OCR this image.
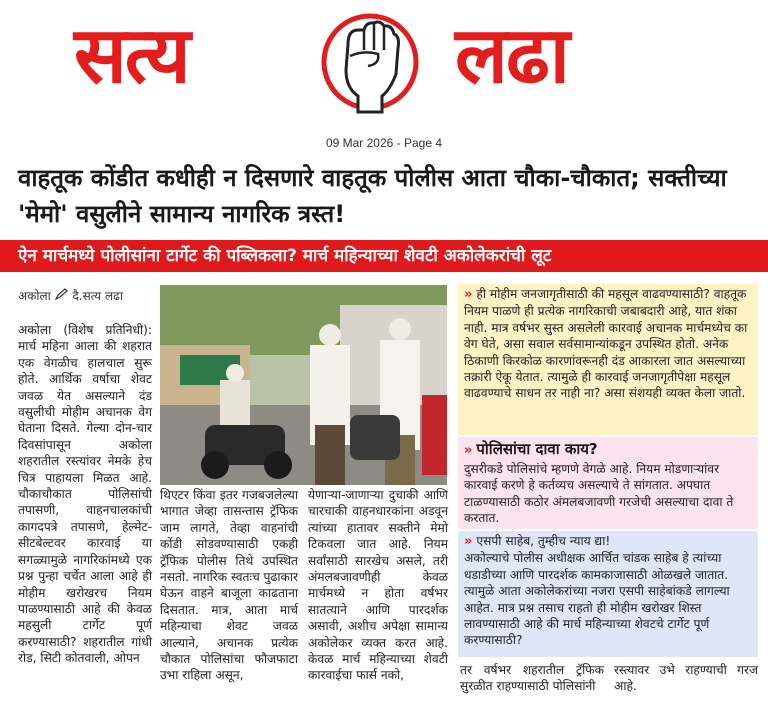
सत्य	लढा
09 Mar 2026 - Page 4
वाहतूक कोंडीत कधीही न दिसणारे वाहतूक पोलीस आता चौका-चौकात; सक्तीच्या 'मेमो' वसुलीने सामान्य नागरिक त्रस्त!
ऐन मार्चमध्ये पोलीसांना टार्गेट की पब्लिकला? मार्च महिन्याच्या शेवटी अकोलेकरांची लूट
अकोला दै.सत्य लढा
अकोला (विशेष प्रतिनिधी): मार्च महिना आला की शहरात एक वेगळीच हालचाल सुरू होते. आर्थिक वर्षाचा शेवट जवळ येत असल्याने दंड वसुलीची मोहीम अचानक वेग घेताना दिसते. गेल्या दोन-चार दिवसांपासून अकोला शहरातील रस्त्यांवर नेमके हेच चित्र पाहायला मिळत आहे. चौकाचौकात पोलिसांची तपासणी, वाहनचालकांची कागदपत्रे तपासणे, हेल्मेट-सीटबेल्टवर कारवाई या सगळ्यामुळे नागरिकांमध्ये एक प्रश्न पुन्हा चर्चेत आला आहे ही मोहीम खरोखरच नियम पाळण्यासाठी आहे की केवळ महसुली टार्गेट पूर्ण करण्यासाठी? शहरातील गांधी रोड, सिटी कोतवाली, ओपन
थिएटर किंवा इतर गजबजलेल्या भागात जेव्हा तासन्तास ट्रॅफिक जाम लागते, तेव्हा वाहनांची कोंडी सोडवण्यासाठी एकही ट्रॅफिक पोलीस तिथे उपस्थित नसतो. नागरिक स्वतःच पुढाकार घेऊन वाहने बाजूला काढताना दिसतात. मात्र, आता मार्च महिन्याचा शेवट जवळ आल्याने, अचानक प्रत्येक चौकात पोलिसांचा फौजफाटा उभा राहिला असून,
येणाऱ्या-जाणाऱ्या दुचाकी आणि चारचाकी वाहनधारकांना अडवून त्यांच्या हातावर सक्तीने मेमो टिकवला जात आहे. नियम सर्वांसाठी सारखेच असले, तरी अंमलबजावणीही केवळ मार्चमध्ये न होता वर्षभर सातत्याने आणि पारदर्शक असावी, अशीच अपेक्षा सामान्य अकोलेकर व्यक्त करत आहे. केवळ मार्च महिन्याच्या शेवटी कारवाईचा फार्स नको,
» ही मोहीम जनजागृतीसाठी की महसूल वाढवण्यासाठी? वाहतूक नियम पाळणे ही प्रत्येक नागरिकाची जबाबदारी आहे, यात शंका नाही. मात्र वर्षभर सुस्त असलेली कारवाई अचानक मार्चमध्येच का वेग घेते, असा सवाल सर्वसामान्यांकडून उपस्थित होतो. अनेक ठिकाणी किरकोळ कारणांवरूनही दंड आकारला जात असल्याच्या तक्रारी ऐकू येतात. त्यामुळे ही कारवाई जनजागृतीपेक्षा महसूल वाढवण्याचे साधन तर नाही ना? असा संशयही व्यक्त केला जातो.
» पोलिसांचा दावा काय?
दुसरीकडे पोलिसांचे म्हणणे वेगळे आहे. नियम मोडणाऱ्यांवर कारवाई करणे हे कर्तव्यच असल्याचे ते सांगतात. अपघात टाळण्यासाठी कठोर अंमलबजावणी गरजेची असल्याचा दावा ते करतात.
» एसपी साहेब, तुम्हीच न्याय द्या!
अकोल्याचे पोलीस अधीक्षक आर्चित चांडक साहेब हे त्यांच्या धडाडीच्या आणि पारदर्शक कामकाजासाठी ओळखले जातात. त्यामुळे आता अकोलेकरांच्या नजरा एसपी साहेबांकडे लागल्या आहेत. मात्र प्रश्न तसाच राहतो ही मोहीम खरोखर शिस्त लावण्यासाठी आहे की मार्च महिन्याच्या शेवटचे टार्गेट पूर्ण करण्यासाठी?
तर वर्षभर शहरातील ट्रॅफिक सुरळीत राहण्यासाठी पोलिसांनी
रस्त्यावर उभे राहण्याची गरज आहे.
